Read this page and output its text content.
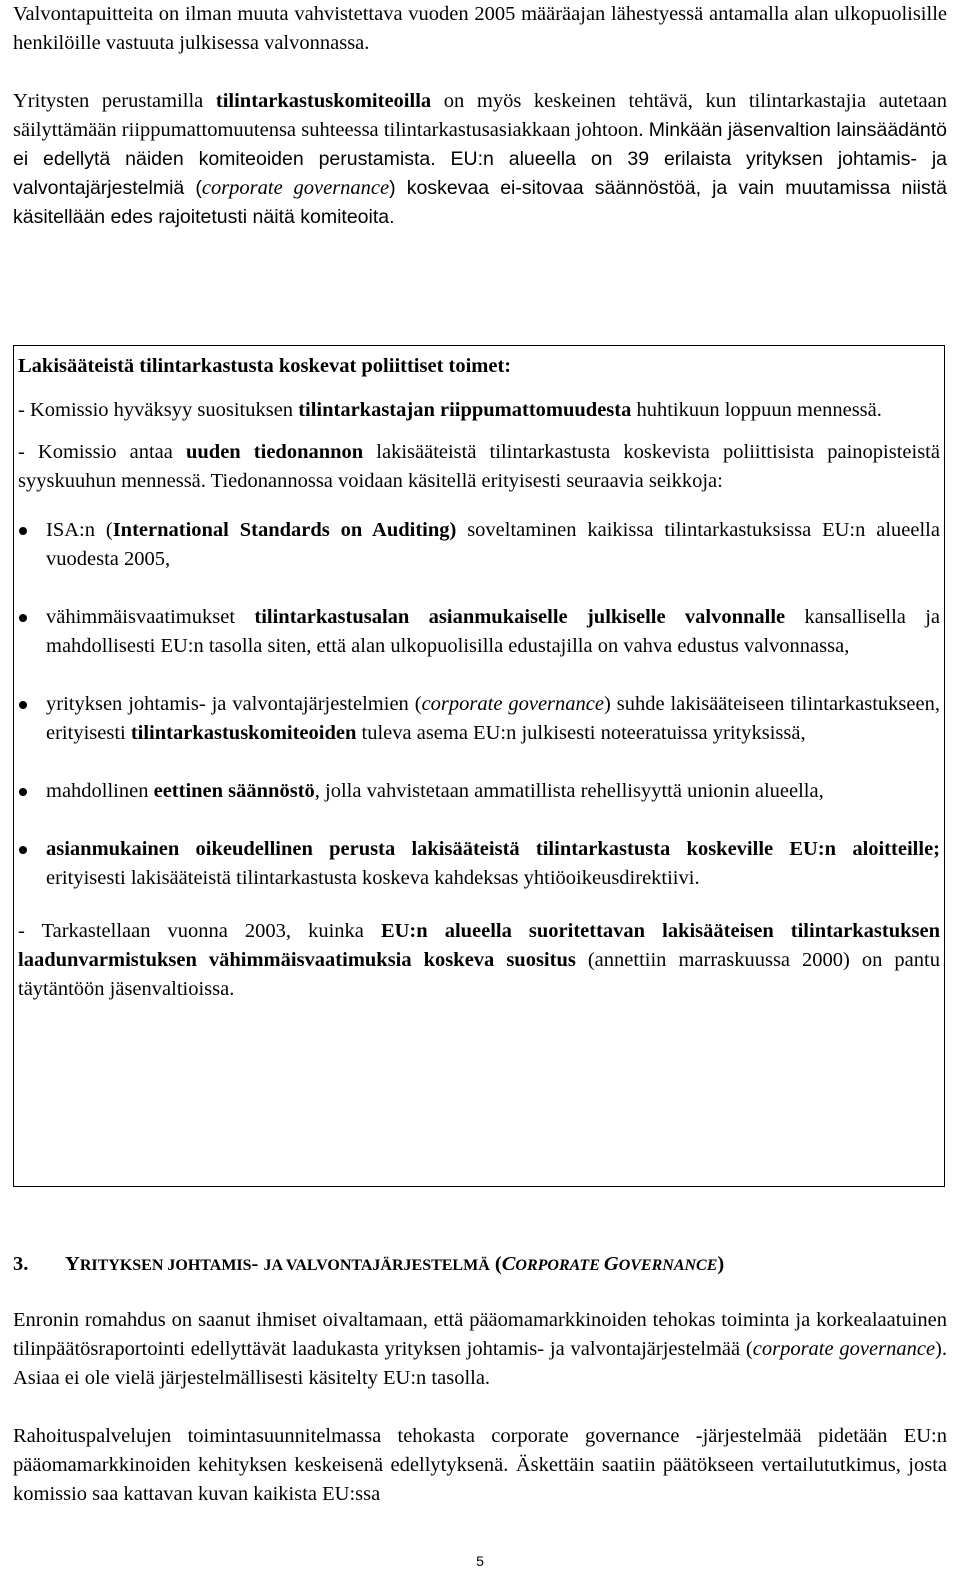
Valvontapuitteita on ilman muuta vahvistettava vuoden 2005 määräajan lähestyessä antamalla alan ulkopuolisille henkilöille vastuuta julkisessa valvonnassa.

Yritysten perustamilla tilintarkastuskomiteoilla on myös keskeinen tehtävä, kun tilintarkastajia autetaan säilyttämään riippumattomuutensa suhteessa tilintarkastusasiakkaan johtoon. Minkään jäsenvaltion lainsäädäntö ei edellytä näiden komiteoiden perustamista. EU:n alueella on 39 erilaista yrityksen johtamis- ja valvontajärjestelmiä (corporate governance) koskevaa ei-sitovaa säännöstöä, ja vain muutamissa niistä käsitellään edes rajoitetusti näitä komiteoita.

Lakisääteistä tilintarkastusta koskevat poliittiset toimet:

- Komissio hyväksyy suosituksen tilintarkastajan riippumattomuudesta huhtikuun loppuun mennessä.

- Komissio antaa uuden tiedonannon lakisääteistä tilintarkastusta koskevista poliittisista painopisteistä syyskuuhun mennessä. Tiedonannossa voidaan käsitellä erityisesti seuraavia seikkoja:

ISA:n (International Standards on Auditing) soveltaminen kaikissa tilintarkastuksissa EU:n alueella vuodesta 2005,
vähimmäisvaatimukset tilintarkastusalan asianmukaiselle julkiselle valvonnalle kansallisella ja mahdollisesti EU:n tasolla siten, että alan ulkopuolisilla edustajilla on vahva edustus valvonnassa,
yrityksen johtamis- ja valvontajärjestelmien (corporate governance) suhde lakisääteiseen tilintarkastukseen, erityisesti tilintarkastuskomiteoiden tuleva asema EU:n julkisesti noteeratuissa yrityksissä,
mahdollinen eettinen säännöstö, jolla vahvistetaan ammatillista rehellisyyttä unionin alueella,
asianmukainen oikeudellinen perusta lakisääteistä tilintarkastusta koskeville EU:n aloitteille; erityisesti lakisääteistä tilintarkastusta koskeva kahdeksas yhtiöoikeusdirektiivi.

- Tarkastellaan vuonna 2003, kuinka EU:n alueella suoritettavan lakisääteisen tilintarkastuksen laadunvarmistuksen vähimmäisvaatimuksia koskeva suositus (annettiin marraskuussa 2000) on pantu täytäntöön jäsenvaltioissa.

3. YRITYKSEN JOHTAMIS- JA VALVONTAJÄRJESTELMÄ (CORPORATE GOVERNANCE)

Enronin romahdus on saanut ihmiset oivaltamaan, että pääomamarkkinoiden tehokas toiminta ja korkealaatuinen tilinpäätösraportointi edellyttävät laadukasta yrityksen johtamis- ja valvontajärjestelmää (corporate governance). Asiaa ei ole vielä järjestelmällisesti käsitelty EU:n tasolla.

Rahoituspalvelujen toimintasuunnitelmassa tehokasta corporate governance -järjestelmää pidetään EU:n pääomamarkkinoiden kehityksen keskeisenä edellytyksenä. Äskettäin saatiin päätökseen vertailututkimus, josta komissio saa kattavan kuvan kaikista EU:ssa

5
